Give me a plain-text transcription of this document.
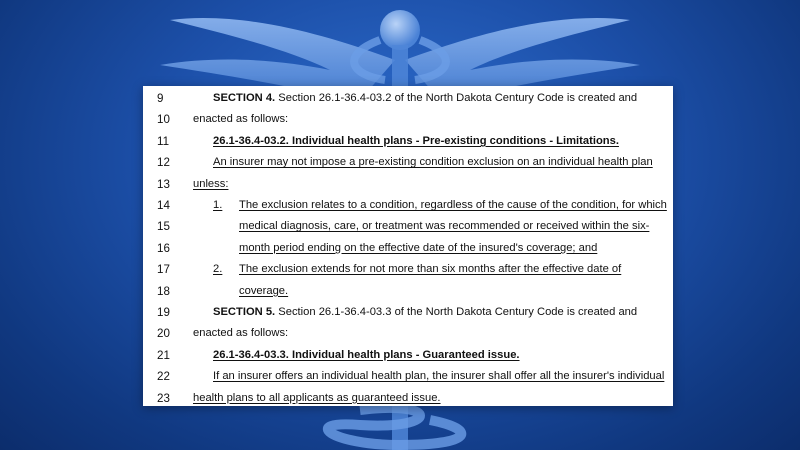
9	SECTION 4. Section 26.1-36.4-03.2 of the North Dakota Century Code is created and
10	enacted as follows:
11	26.1-36.4-03.2. Individual health plans - Pre-existing conditions - Limitations.
12	An insurer may not impose a pre-existing condition exclusion on an individual health plan
13	unless:
14	1. The exclusion relates to a condition, regardless of the cause of the condition, for which
15	medical diagnosis, care, or treatment was recommended or received within the six-
16	month period ending on the effective date of the insured's coverage; and
17	2. The exclusion extends for not more than six months after the effective date of
18	coverage.
19	SECTION 5. Section 26.1-36.4-03.3 of the North Dakota Century Code is created and
20	enacted as follows:
21	26.1-36.4-03.3. Individual health plans - Guaranteed issue.
22	If an insurer offers an individual health plan, the insurer shall offer all the insurer's individual
23	health plans to all applicants as guaranteed issue.
